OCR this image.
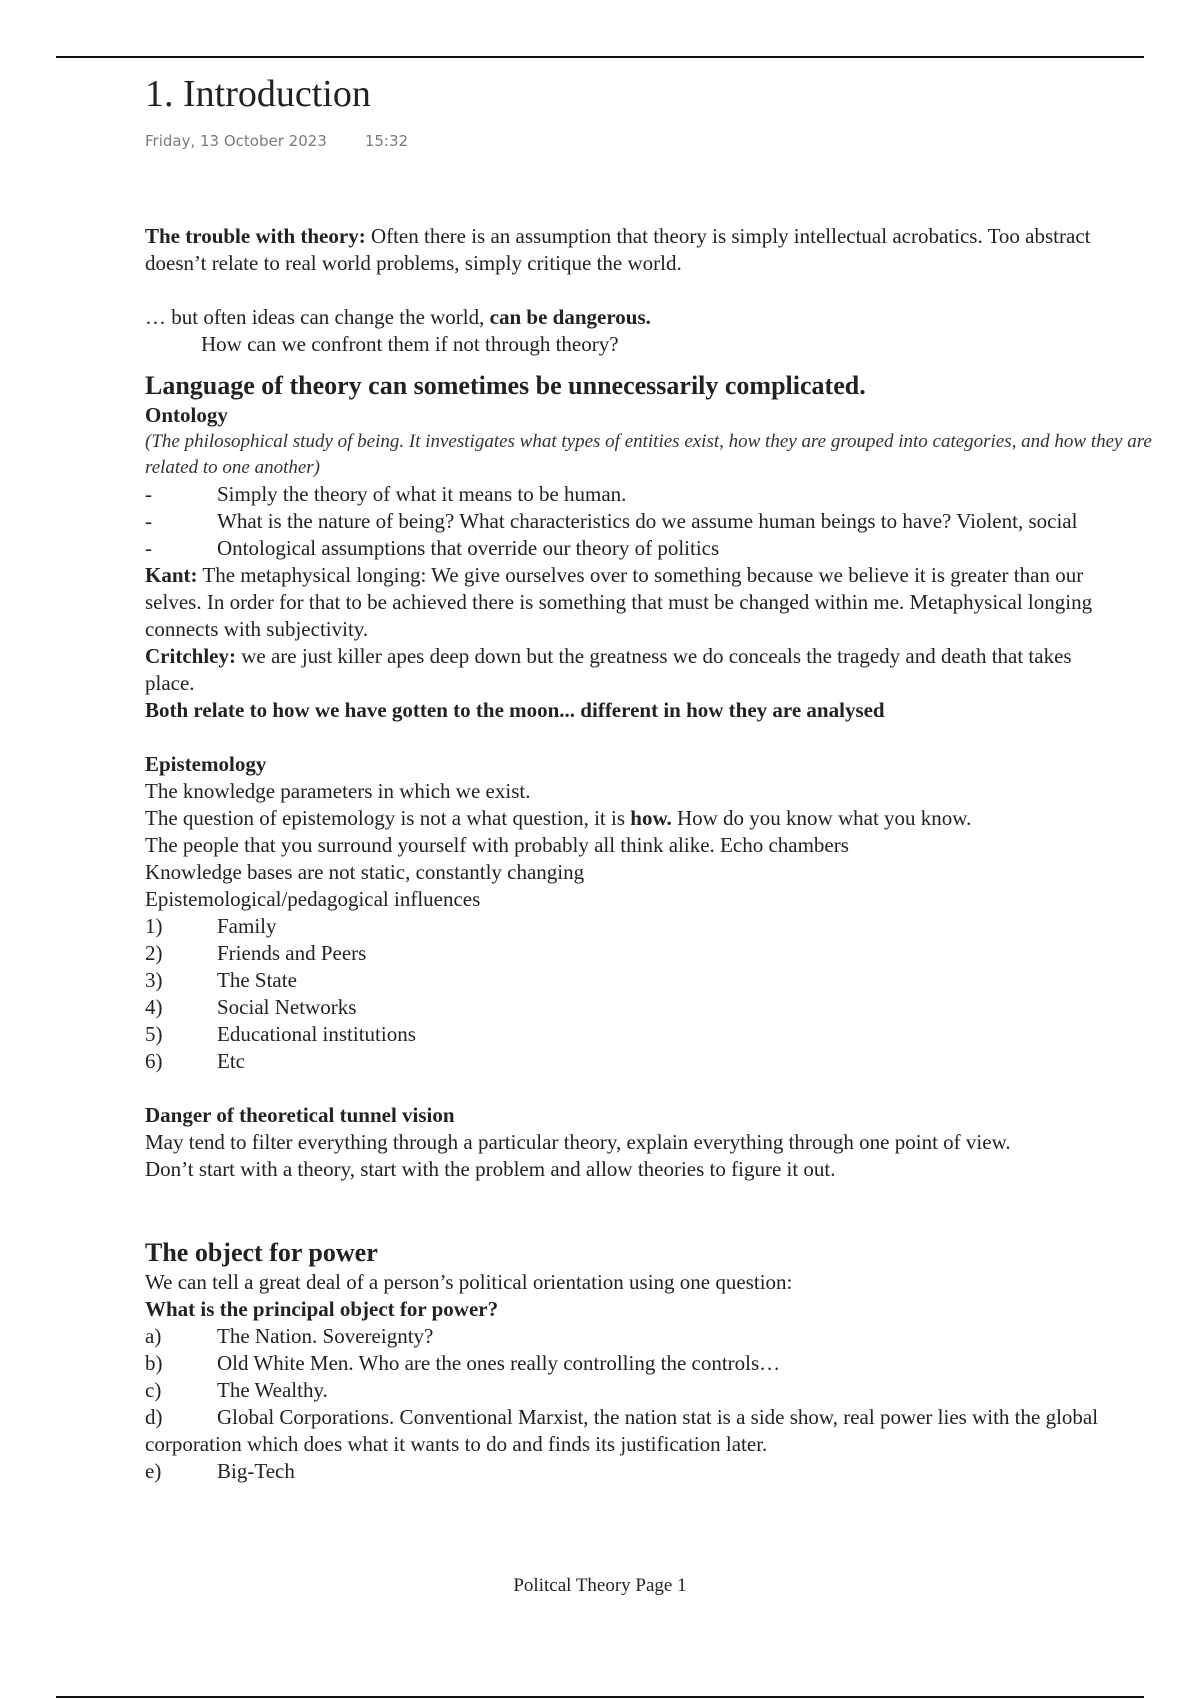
1. Introduction
Friday, 13 October 2023	15:32

The trouble with theory: Often there is an assumption that theory is simply intellectual acrobatics. Too abstract

doesn’t relate to real world problems, simply critique the world.

… but often ideas can change the world, can be dangerous.

How can we confront them if not through theory?

Language of theory can sometimes be unnecessarily complicated.

Ontology

(The philosophical study of being. It investigates what types of entities exist, how they are grouped into categories, and how they are

related to one another)

-	Simply the theory of what it means to be human.
-	What is the nature of being? What characteristics do we assume human beings to have? Violent, social
-	Ontological assumptions that override our theory of politics

Kant: The metaphysical longing: We give ourselves over to something because we believe it is greater than our

selves. In order for that to be achieved there is something that must be changed within me. Metaphysical longing

connects with subjectivity.

Critchley: we are just killer apes deep down but the greatness we do conceals the tragedy and death that takes

place.

Both relate to how we have gotten to the moon... different in how they are analysed

Epistemology

The knowledge parameters in which we exist.

The question of epistemology is not a what question, it is how. How do you know what you know.

The people that you surround yourself with probably all think alike. Echo chambers

Knowledge bases are not static, constantly changing

Epistemological/pedagogical influences

1)	Family
2)	Friends and Peers
3)	The State
4)	Social Networks
5)	Educational institutions
6)	Etc

Danger of theoretical tunnel vision

May tend to filter everything through a particular theory, explain everything through one point of view.

Don’t start with a theory, start with the problem and allow theories to figure it out.

The object for power

We can tell a great deal of a person’s political orientation using one question:

What is the principal object for power?

a)	The Nation. Sovereignty?
b)	Old White Men. Who are the ones really controlling the controls…
c)	The Wealthy.
d)	Global Corporations. Conventional Marxist, the nation stat is a side show, real power lies with the global

corporation which does what it wants to do and finds its justification later.

e)	Big-Tech
Politcal Theory Page 1
